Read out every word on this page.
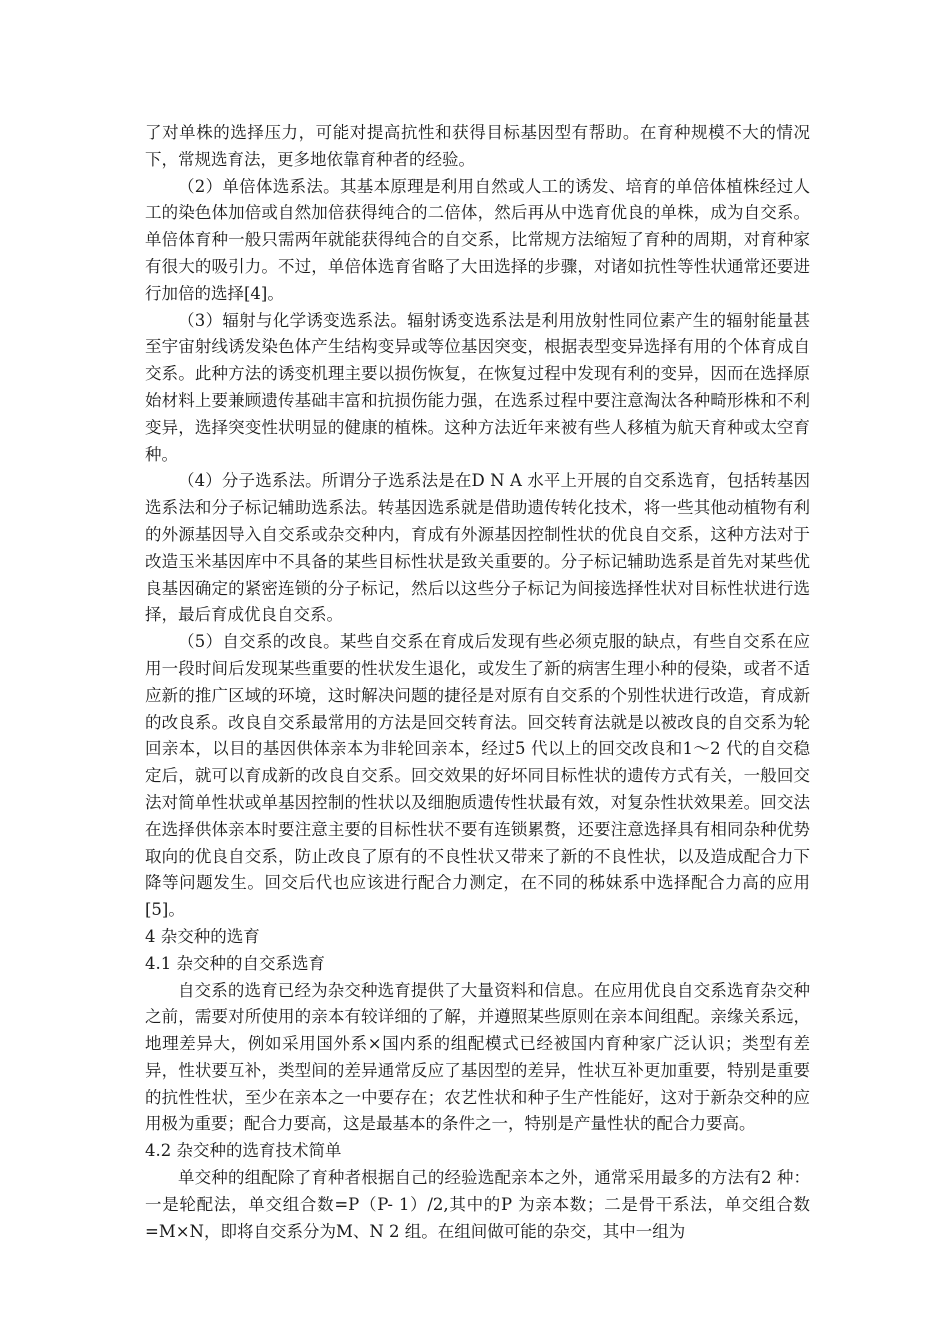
了对单株的选择压力，可能对提高抗性和获得目标基因型有帮助。在育种规模不大的情况下，常规选育法，更多地依靠育种者的经验。

（2）单倍体选系法。其基本原理是利用自然或人工的诱发、培育的单倍体植株经过人工的染色体加倍或自然加倍获得纯合的二倍体，然后再从中选育优良的单株，成为自交系。单倍体育种一般只需两年就能获得纯合的自交系，比常规方法缩短了育种的周期，对育种家有很大的吸引力。不过，单倍体选育省略了大田选择的步骤，对诸如抗性等性状通常还要进行加倍的选择[4]。

（3）辐射与化学诱变选系法。辐射诱变选系法是利用放射性同位素产生的辐射能量甚至宇宙射线诱发染色体产生结构变异或等位基因突变，根据表型变异选择有用的个体育成自交系。此种方法的诱变机理主要以损伤恢复，在恢复过程中发现有利的变异，因而在选择原始材料上要兼顾遗传基础丰富和抗损伤能力强，在选系过程中要注意淘汰各种畸形株和不利变异，选择突变性状明显的健康的植株。这种方法近年来被有些人移植为航天育种或太空育种。

（4）分子选系法。所谓分子选系法是在D N A 水平上开展的自交系选育，包括转基因选系法和分子标记辅助选系法。转基因选系就是借助遗传转化技术，将一些其他动植物有利的外源基因导入自交系或杂交种内，育成有外源基因控制性状的优良自交系，这种方法对于改造玉米基因库中不具备的某些目标性状是致关重要的。分子标记辅助选系是首先对某些优良基因确定的紧密连锁的分子标记，然后以这些分子标记为间接选择性状对目标性状进行选择，最后育成优良自交系。

（5）自交系的改良。某些自交系在育成后发现有些必须克服的缺点，有些自交系在应用一段时间后发现某些重要的性状发生退化，或发生了新的病害生理小种的侵染，或者不适应新的推广区域的环境，这时解决问题的捷径是对原有自交系的个别性状进行改造，育成新的改良系。改良自交系最常用的方法是回交转育法。回交转育法就是以被改良的自交系为轮回亲本，以目的基因供体亲本为非轮回亲本，经过5 代以上的回交改良和1～2 代的自交稳定后，就可以育成新的改良自交系。回交效果的好坏同目标性状的遗传方式有关，一般回交法对简单性状或单基因控制的性状以及细胞质遗传性状最有效，对复杂性状效果差。回交法在选择供体亲本时要注意主要的目标性状不要有连锁累赘，还要注意选择具有相同杂种优势取向的优良自交系，防止改良了原有的不良性状又带来了新的不良性状，以及造成配合力下降等问题发生。回交后代也应该进行配合力测定，在不同的秭妹系中选择配合力高的应用[5]。

4 杂交种的选育

4.1 杂交种的自交系选育

自交系的选育已经为杂交种选育提供了大量资料和信息。在应用优良自交系选育杂交种之前，需要对所使用的亲本有较详细的了解，并遵照某些原则在亲本间组配。亲缘关系远，地理差异大，例如采用国外系×国内系的组配模式已经被国内育种家广泛认识；类型有差异，性状要互补，类型间的差异通常反应了基因型的差异，性状互补更加重要，特别是重要的抗性性状，至少在亲本之一中要存在；农艺性状和种子生产性能好，这对于新杂交种的应用极为重要；配合力要高，这是最基本的条件之一，特别是产量性状的配合力要高。

4.2 杂交种的选育技术简单

单交种的组配除了育种者根据自己的经验选配亲本之外，通常采用最多的方法有2 种：一是轮配法，单交组合数=P（P- 1）/2,其中的P 为亲本数；二是骨干系法，单交组合数=M×N，即将自交系分为M、N 2 组。在组间做可能的杂交，其中一组为
